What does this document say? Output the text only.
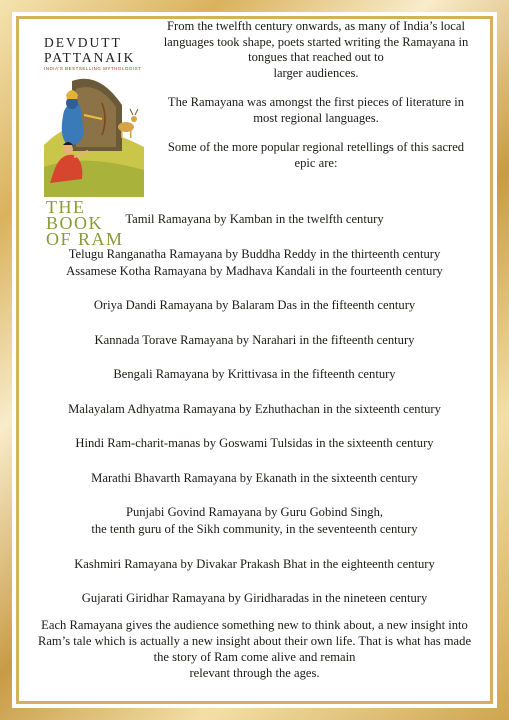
DEVDUTT
PATTANAIK
INDIA'S BESTSELLING MYTHOLOGIST
THE BOOK
OF RAM

From the twelfth century onwards, as many of India’s local
languages took shape, poets started writing the Ramayana in
tongues that reached out to
larger audiences.

The Ramayana was amongst the first pieces of literature in
most regional languages.

Some of the more popular regional retellings of this sacred
epic are:

Tamil Ramayana by Kamban in the twelfth century

Telugu Ranganatha Ramayana by Buddha Reddy in the thirteenth century
Assamese Kotha Ramayana by Madhava Kandali in the fourteenth century

Oriya Dandi Ramayana by Balaram Das in the fifteenth century

Kannada Torave Ramayana by Narahari in the fifteenth century

Bengali Ramayana by Krittivasa in the fifteenth century

Malayalam Adhyatma Ramayana by Ezhuthachan in the sixteenth century

Hindi Ram-charit-manas by Goswami Tulsidas in the sixteenth century

Marathi Bhavarth Ramayana by Ekanath in the sixteenth century

Punjabi Govind Ramayana by Guru Gobind Singh,
the tenth guru of the Sikh community, in the seventeenth century

Kashmiri Ramayana by Divakar Prakash Bhat in the eighteenth century

Gujarati Giridhar Ramayana by Giridharadas in the nineteen century

Each Ramayana gives the audience something new to think about, a new insight into
Ram’s tale which is actually a new insight about their own life. That is what has made
the story of Ram come alive and remain
relevant through the ages.
